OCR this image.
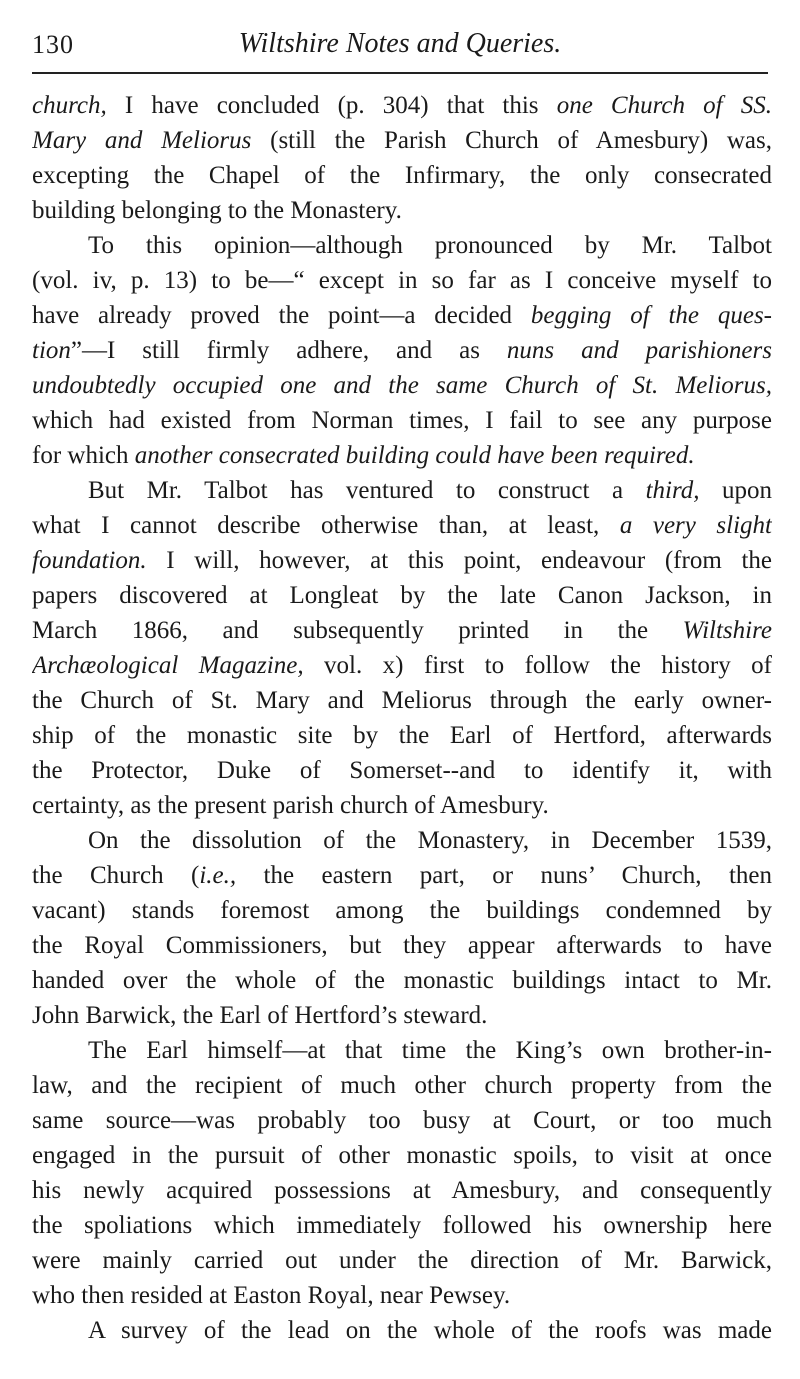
130	Wiltshire Notes and Queries.
church, I have concluded (p. 304) that this one Church of SS.
Mary and Meliorus (still the Parish Church of Amesbury) was,
excepting the Chapel of the Infirmary, the only consecrated
building belonging to the Monastery.
To this opinion—although pronounced by Mr. Talbot
(vol. iv, p. 13) to be—“ except in so far as I conceive myself to
have already proved the point—a decided begging of the ques-
tion”—I still firmly adhere, and as nuns and parishioners
undoubtedly occupied one and the same Church of St. Meliorus,
which had existed from Norman times, I fail to see any purpose
for which another consecrated building could have been required.
But Mr. Talbot has ventured to construct a third, upon
what I cannot describe otherwise than, at least, a very slight
foundation. I will, however, at this point, endeavour (from the
papers discovered at Longleat by the late Canon Jackson, in
March 1866, and subsequently printed in the Wiltshire
Archæological Magazine, vol. x) first to follow the history of
the Church of St. Mary and Meliorus through the early owner-
ship of the monastic site by the Earl of Hertford, afterwards
the Protector, Duke of Somerset--and to identify it, with
certainty, as the present parish church of Amesbury.
On the dissolution of the Monastery, in December 1539,
the Church (i.e., the eastern part, or nuns’ Church, then
vacant) stands foremost among the buildings condemned by
the Royal Commissioners, but they appear afterwards to have
handed over the whole of the monastic buildings intact to Mr.
John Barwick, the Earl of Hertford’s steward.
The Earl himself—at that time the King’s own brother-in-
law, and the recipient of much other church property from the
same source—was probably too busy at Court, or too much
engaged in the pursuit of other monastic spoils, to visit at once
his newly acquired possessions at Amesbury, and consequently
the spoliations which immediately followed his ownership here
were mainly carried out under the direction of Mr. Barwick,
who then resided at Easton Royal, near Pewsey.
A survey of the lead on the whole of the roofs was made
